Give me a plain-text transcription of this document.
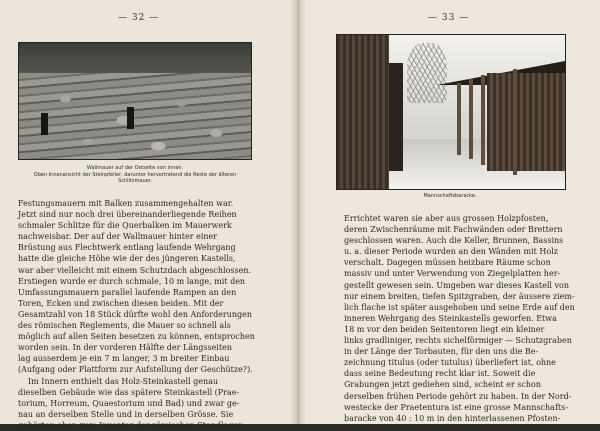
— 32 —
Wallmauer auf der Ostseite von innen.
Oben Innenansicht der Steinpfeiler, darunter hervortretend die Reste der älteren Schlitzmauer.
Festungsmauern mit Balken zusammengehalten war.
Jetzt sind nur noch drei übereinanderliegende Reihen
schmaler Schlitze für die Querbalken im Mauerwerk
nachweisbar. Der auf der Wallmauer hinter einer
Brüstung aus Flechtwerk entlang laufende Wehrgang
hatte die gleiche Höhe wie der des jüngeren Kastells,
war aber vielleicht mit einem Schutzdach abgeschlossen.
Erstiegen wurde er durch schmale, 10 m lange, mit den
Umfassungsmauern parallel laufende Rampen an den
Toren, Ecken und zwischen diesen beiden. Mit der
Gesamtzahl von 18 Stück dürfte wohl den Anforderungen
des römischen Reglements, die Mauer so schnell als
möglich auf allen Seiten besetzen zu können, entsprochen
worden sein. In der vorderen Hälfte der Längsseiten
lag ausserdem je ein 7 m langer, 3 m breiter Einbau
(Aufgang oder Plattform zur Aufstellung der Geschütze?).
Im Innern enthielt das Holz-Steinkastell genau
dieselben Gebäude wie das spätere Steinkastell (Prae-
torium, Horreum, Quaestorium und Bad) und zwar ge-
nau an derselben Stelle und in derselben Grösse. Sie
gehörten eben zum Inventar der römischen Standlager.
— 33 —
Mannschaftsbaracke.
Errichtet waren sie aber aus grossen Holzpfosten,
deren Zwischenräume mit Fachwänden oder Brettern
geschlossen waren. Auch die Keller, Brunnen, Bassins
u. a. dieser Periode wurden an den Wänden mit Holz
verschalt. Dagegen müssen heizbare Räume schon
massiv und unter Verwendung von Ziegelplatten her-
gestellt gewesen sein. Umgeben war dieses Kastell von
nur einem breiten, tiefen Spitzgraben, der äussere ziem-
lich flache ist später ausgehoben und seine Erde auf den
inneren Wehrgang des Steinkastells geworfen. Etwa
18 m vor den beiden Seitentoren liegt ein kleiner
links gradliniger, rechts sichelförmiger — Schutzgraben
in der Länge der Torbauten, für den uns die Be-
zeichnung titulus (oder tutulus) überliefert ist, ohne
dass seine Bedeutung recht klar ist. Soweit die
Grabungen jetzt gediehen sind, scheint er schon
derselben frühen Periode gehört zu haben. In der Nord-
westecke der Praetentura ist eine grosse Mannschafts-
baracke von 40 : 10 m in den hinterlassenen Pfosten-
